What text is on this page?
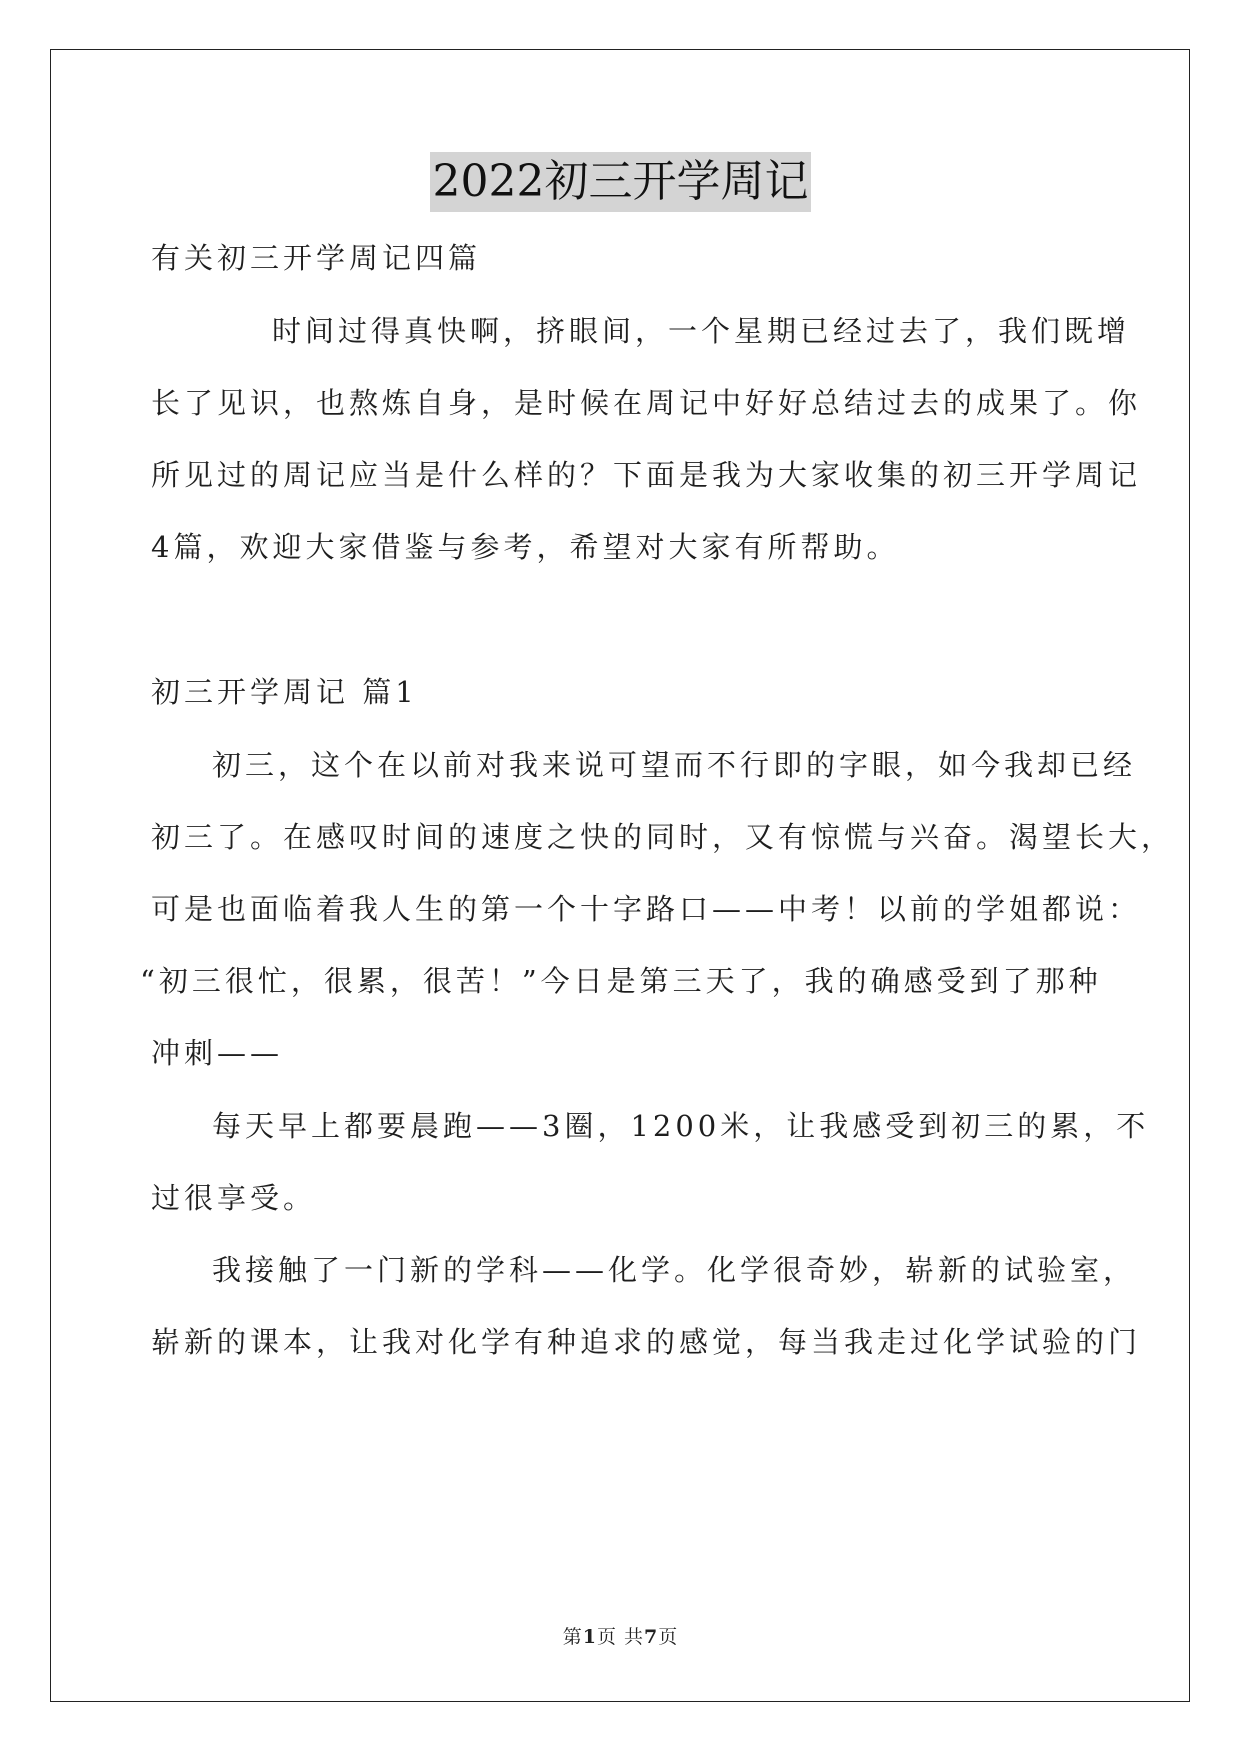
2022初三开学周记
有关初三开学周记四篇
时间过得真快啊，挤眼间，一个星期已经过去了，我们既增
长了见识，也熬炼自身，是时候在周记中好好总结过去的成果了。你
所见过的周记应当是什么样的？下面是我为大家收集的初三开学周记
4篇，欢迎大家借鉴与参考，希望对大家有所帮助。
初三开学周记 篇1
初三，这个在以前对我来说可望而不行即的字眼，如今我却已经
初三了。在感叹时间的速度之快的同时，又有惊慌与兴奋。渴望长大，
可是也面临着我人生的第一个十字路口——中考！以前的学姐都说：
“初三很忙，很累，很苦！”今日是第三天了，我的确感受到了那种
冲刺——
每天早上都要晨跑——3圈，1200米，让我感受到初三的累，不
过很享受。
我接触了一门新的学科——化学。化学很奇妙，崭新的试验室，
崭新的课本，让我对化学有种追求的感觉，每当我走过化学试验的门
第1页 共7页
